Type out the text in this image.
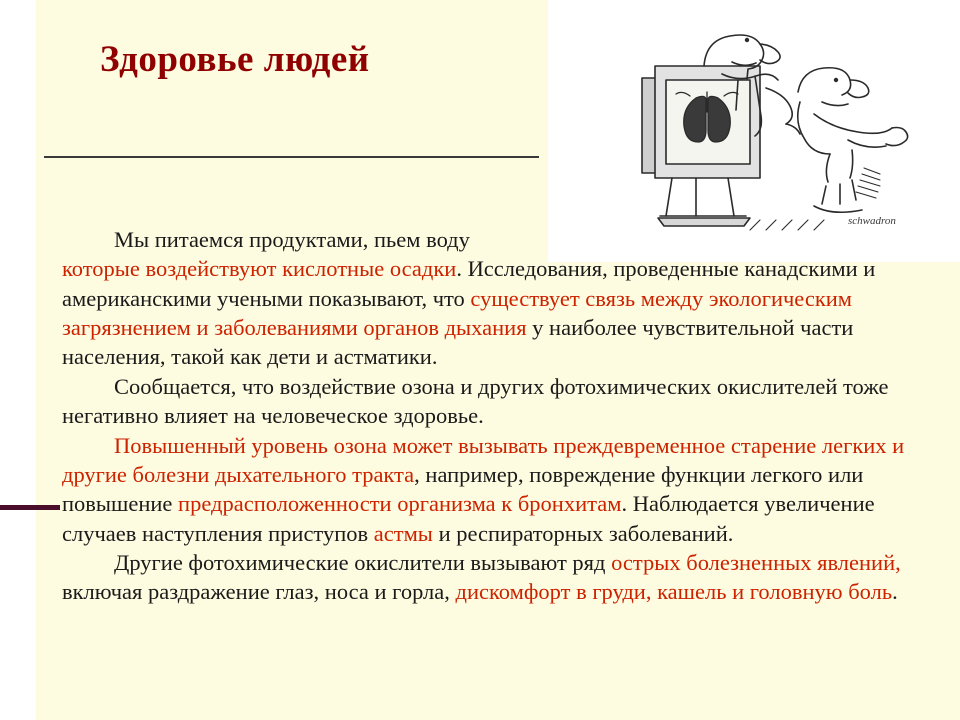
Здоровье людей
schwadron

Мы питаемся продуктами, пьем воду
которые воздействуют кислотные осадки. Исследования, проведенные канадскими и американскими учеными показывают, что существует связь между экологическим загрязнением и заболеваниями органов дыхания у наиболее чувствительной части населения, такой как дети и астматики.

Сообщается, что воздействие озона и других фотохимических окислителей тоже негативно влияет на человеческое здоровье.

Повышенный уровень озона может вызывать преждевременное старение легких и другие болезни дыхательного тракта, например, повреждение функции легкого или повышение предрасположенности организма к бронхитам. Наблюдается увеличение случаев наступления приступов астмы и респираторных заболеваний.

Другие фотохимические окислители вызывают ряд острых болезненных явлений, включая раздражение глаз, носа и горла, дискомфорт в груди, кашель и головную боль.
